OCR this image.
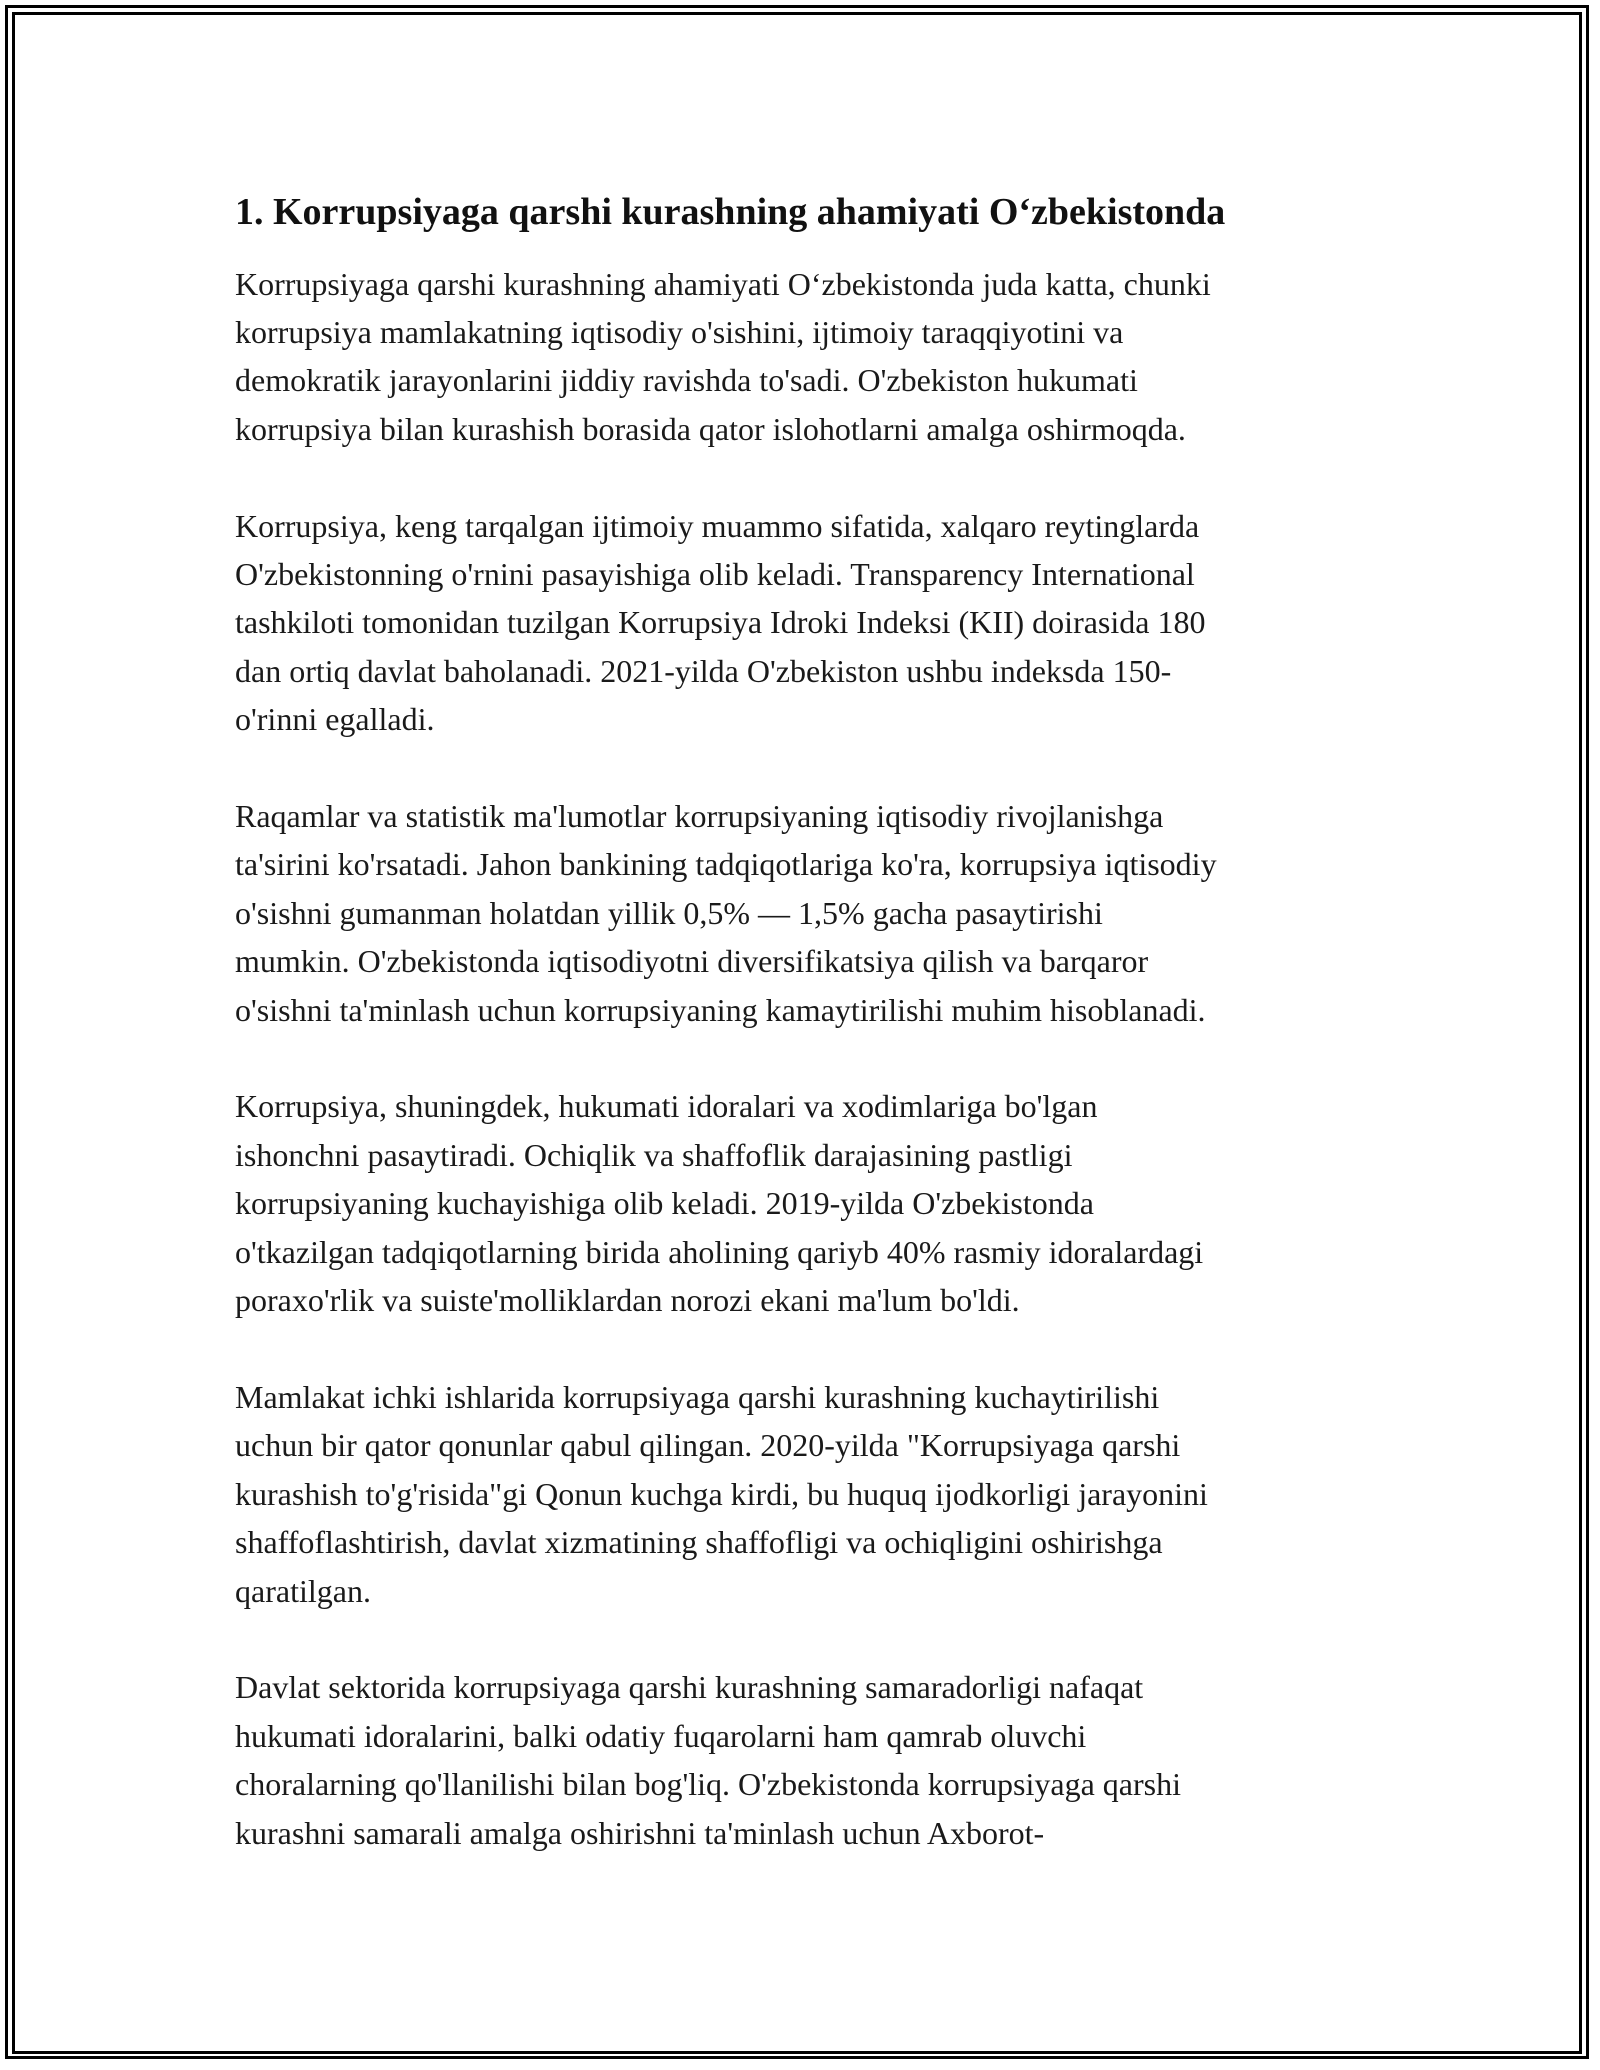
1. Korrupsiyaga qarshi kurashning ahamiyati O‘zbekistonda

Korrupsiyaga qarshi kurashning ahamiyati O‘zbekistonda juda katta, chunki
korrupsiya mamlakatning iqtisodiy o'sishini, ijtimoiy taraqqiyotini va
demokratik jarayonlarini jiddiy ravishda to'sadi. O'zbekiston hukumati
korrupsiya bilan kurashish borasida qator islohotlarni amalga oshirmoqda.

Korrupsiya, keng tarqalgan ijtimoiy muammo sifatida, xalqaro reytinglarda
O'zbekistonning o'rnini pasayishiga olib keladi. Transparency International
tashkiloti tomonidan tuzilgan Korrupsiya Idroki Indeksi (KII) doirasida 180
dan ortiq davlat baholanadi. 2021-yilda O'zbekiston ushbu indeksda 150-
o'rinni egalladi.

Raqamlar va statistik ma'lumotlar korrupsiyaning iqtisodiy rivojlanishga
ta'sirini ko'rsatadi. Jahon bankining tadqiqotlariga ko'ra, korrupsiya iqtisodiy
o'sishni gumanman holatdan yillik 0,5% — 1,5% gacha pasaytirishi
mumkin. O'zbekistonda iqtisodiyotni diversifikatsiya qilish va barqaror
o'sishni ta'minlash uchun korrupsiyaning kamaytirilishi muhim hisoblanadi.

Korrupsiya, shuningdek, hukumati idoralari va xodimlariga bo'lgan
ishonchni pasaytiradi. Ochiqlik va shaffoflik darajasining pastligi
korrupsiyaning kuchayishiga olib keladi. 2019-yilda O'zbekistonda
o'tkazilgan tadqiqotlarning birida aholining qariyb 40% rasmiy idoralardagi
poraxo'rlik va suiste'molliklardan norozi ekani ma'lum bo'ldi.

Mamlakat ichki ishlarida korrupsiyaga qarshi kurashning kuchaytirilishi
uchun bir qator qonunlar qabul qilingan. 2020-yilda "Korrupsiyaga qarshi
kurashish to'g'risida"gi Qonun kuchga kirdi, bu huquq ijodkorligi jarayonini
shaffoflashtirish, davlat xizmatining shaffofligi va ochiqligini oshirishga
qaratilgan.

Davlat sektorida korrupsiyaga qarshi kurashning samaradorligi nafaqat
hukumati idoralarini, balki odatiy fuqarolarni ham qamrab oluvchi
choralarning qo'llanilishi bilan bog'liq. O'zbekistonda korrupsiyaga qarshi
kurashni samarali amalga oshirishni ta'minlash uchun Axborot-
